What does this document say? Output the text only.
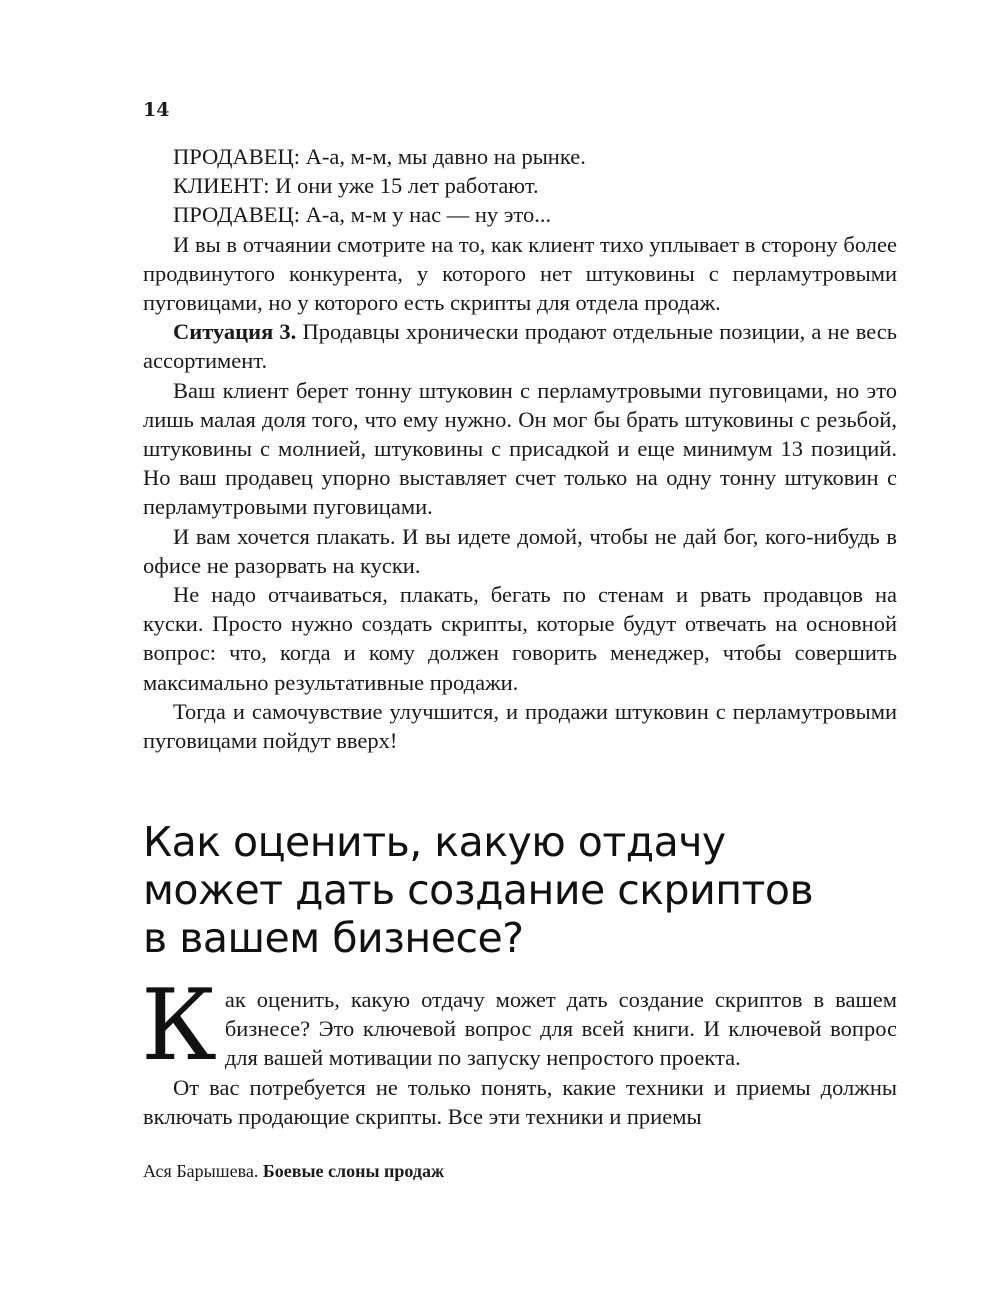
14

ПРОДАВЕЦ: А-а, м-м, мы давно на рынке.

КЛИЕНТ: И они уже 15 лет работают.

ПРОДАВЕЦ: А-а, м-м у нас — ну это...

И вы в отчаянии смотрите на то, как клиент тихо уплывает в сторону более продвинутого конкурента, у которого нет штуковины с перламутровыми пуговицами, но у которого есть скрипты для отдела продаж.

Ситуация 3. Продавцы хронически продают отдельные позиции, а не весь ассортимент.

Ваш клиент берет тонну штуковин с перламутровыми пуговицами, но это лишь малая доля того, что ему нужно. Он мог бы брать штуковины с резьбой, штуковины с молнией, штуковины с присадкой и еще минимум 13 позиций. Но ваш продавец упорно выставляет счет только на одну тонну штуковин с перламутровыми пуговицами.

И вам хочется плакать. И вы идете домой, чтобы не дай бог, кого-нибудь в офисе не разорвать на куски.

Не надо отчаиваться, плакать, бегать по стенам и рвать продавцов на куски. Просто нужно создать скрипты, которые будут отвечать на основной вопрос: что, когда и кому должен говорить менеджер, чтобы совершить максимально результативные продажи.

Тогда и самочувствие улучшится, и продажи штуковин с перламутровыми пуговицами пойдут вверх!

Как оценить, какую отдачу
может дать создание скриптов
в вашем бизнесе?

Как оценить, какую отдачу может дать создание скриптов в вашем бизнесе? Это ключевой вопрос для всей книги. И ключевой вопрос для вашей мотивации по запуску непростого проекта.

От вас потребуется не только понять, какие техники и приемы должны включать продающие скрипты. Все эти техники и приемы

Ася Барышева. Боевые слоны продаж
